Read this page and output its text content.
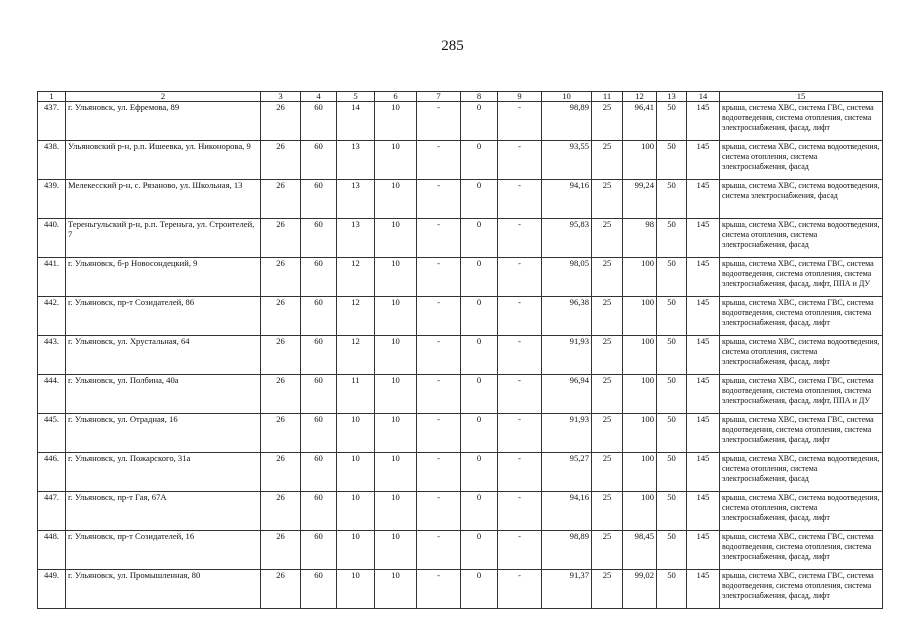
285
1	2	3	4	5	6	7	8	9	10	11	12	13	14	15
437.	г. Ульяновск, ул. Ефремова, 89	26	60	14	10	-	0	-	98,89	25	96,41	50	145	крыша, система ХВС, система ГВС, система водоотведения, система отопления, система электроснабжения, фасад, лифт
438.	Ульяновский р-н, р.п. Ишеевка, ул. Никонорова, 9	26	60	13	10	-	0	-	93,55	25	100	50	145	крыша, система ХВС, система водоотведения, система отопления, система электроснабжения, фасад
439.	Мелекесский р-н, с. Рязаново, ул. Школьная, 13	26	60	13	10	-	0	-	94,16	25	99,24	50	145	крыша, система ХВС, система водоотведения, система электроснабжения, фасад
440.	Тереньгульский р-н, р.п. Тереньга, ул. Строителей, 7	26	60	13	10	-	0	-	95,83	25	98	50	145	крыша, система ХВС, система водоотведения, система отопления, система электроснабжения, фасад
441.	г. Ульяновск, б-р Новосондецкий, 9	26	60	12	10	-	0	-	98,05	25	100	50	145	крыша, система ХВС, система ГВС, система водоотведения, система отопления, система электроснабжения, фасад, лифт, ППА и ДУ
442.	г. Ульяновск, пр-т Созидателей, 86	26	60	12	10	-	0	-	96,38	25	100	50	145	крыша, система ХВС, система ГВС, система водоотведения, система отопления, система электроснабжения, фасад, лифт
443.	г. Ульяновск, ул. Хрустальная, 64	26	60	12	10	-	0	-	91,93	25	100	50	145	крыша, система ХВС, система водоотведения, система отопления, система электроснабжения, фасад, лифт
444.	г. Ульяновск, ул. Полбина, 40а	26	60	11	10	-	0	-	96,94	25	100	50	145	крыша, система ХВС, система ГВС, система водоотведения, система отопления, система электроснабжения, фасад, лифт, ППА и ДУ
445.	г. Ульяновск, ул. Отрадная, 16	26	60	10	10	-	0	-	91,93	25	100	50	145	крыша, система ХВС, система ГВС, система водоотведения, система отопления, система электроснабжения, фасад, лифт
446.	г. Ульяновск, ул. Пожарского, 31а	26	60	10	10	-	0	-	95,27	25	100	50	145	крыша, система ХВС, система водоотведения, система отопления, система электроснабжения, фасад
447.	г. Ульяновск, пр-т Гая, 67А	26	60	10	10	-	0	-	94,16	25	100	50	145	крыша, система ХВС, система водоотведения, система отопления, система электроснабжения, фасад, лифт
448.	г. Ульяновск, пр-т Созидателей, 16	26	60	10	10	-	0	-	98,89	25	98,45	50	145	крыша, система ХВС, система ГВС, система водоотведения, система отопления, система электроснабжения, фасад, лифт
449.	г. Ульяновск, ул. Промышленная, 80	26	60	10	10	-	0	-	91,37	25	99,02	50	145	крыша, система ХВС, система ГВС, система водоотведения, система отопления, система электроснабжения, фасад, лифт
